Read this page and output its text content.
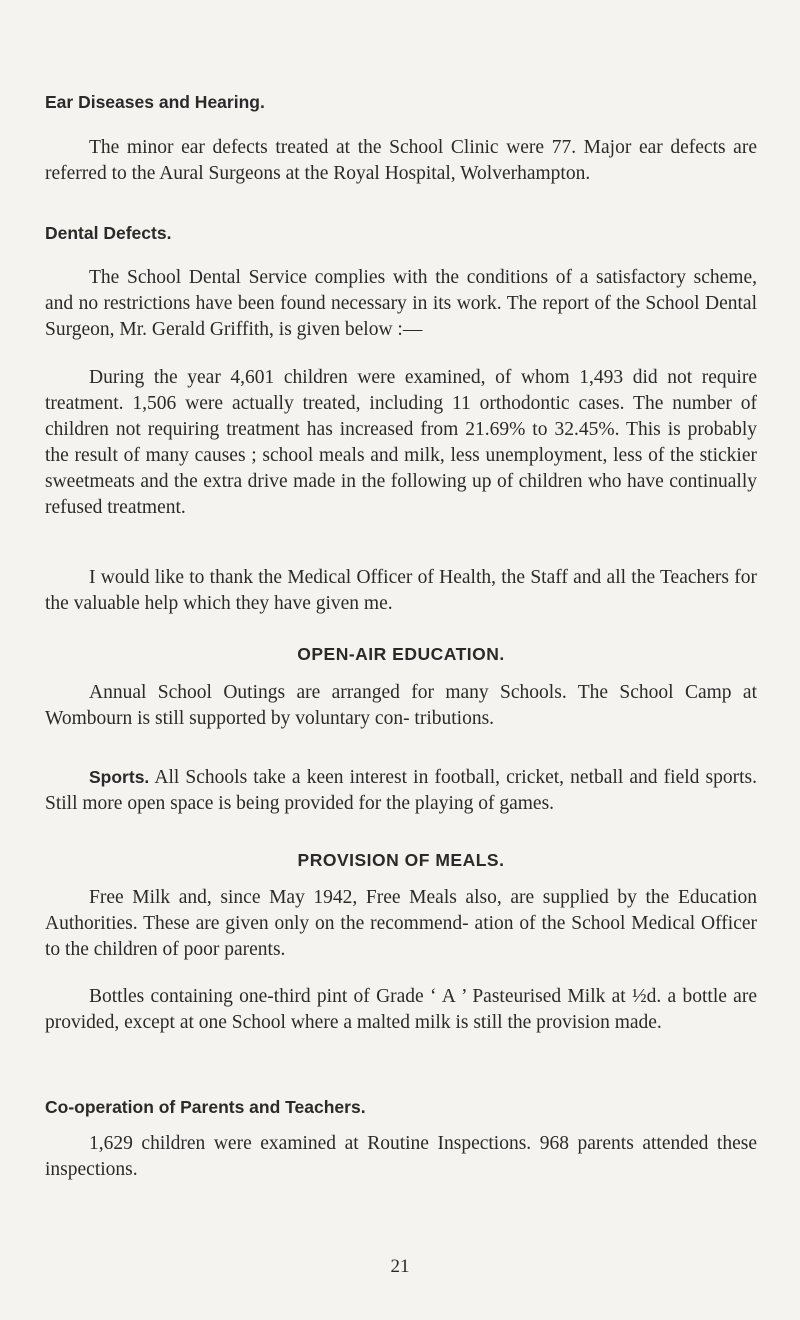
Ear Diseases and Hearing.

The minor ear defects treated at the School Clinic were 77. Major ear defects are referred to the Aural Surgeons at the Royal Hospital, Wolverhampton.

Dental Defects.

The School Dental Service complies with the conditions of a satisfactory scheme, and no restrictions have been found necessary in its work. The report of the School Dental Surgeon, Mr. Gerald Griffith, is given below :—

During the year 4,601 children were examined, of whom 1,493 did not require treatment. 1,506 were actually treated, including 11 orthodontic cases. The number of children not requiring treatment has increased from 21.69% to 32.45%. This is probably the result of many causes ; school meals and milk, less unemployment, less of the stickier sweetmeats and the extra drive made in the following up of children who have continually refused treatment.

I would like to thank the Medical Officer of Health, the Staff and all the Teachers for the valuable help which they have given me.

OPEN-AIR EDUCATION.

Annual School Outings are arranged for many Schools. The School Camp at Wombourn is still supported by voluntary con- tributions.

Sports. All Schools take a keen interest in football, cricket, netball and field sports. Still more open space is being provided for the playing of games.

PROVISION OF MEALS.

Free Milk and, since May 1942, Free Meals also, are supplied by the Education Authorities. These are given only on the recommend- ation of the School Medical Officer to the children of poor parents.

Bottles containing one-third pint of Grade ‘ A ’ Pasteurised Milk at ½d. a bottle are provided, except at one School where a malted milk is still the provision made.

Co-operation of Parents and Teachers.

1,629 children were examined at Routine Inspections. 968 parents attended these inspections.

21
